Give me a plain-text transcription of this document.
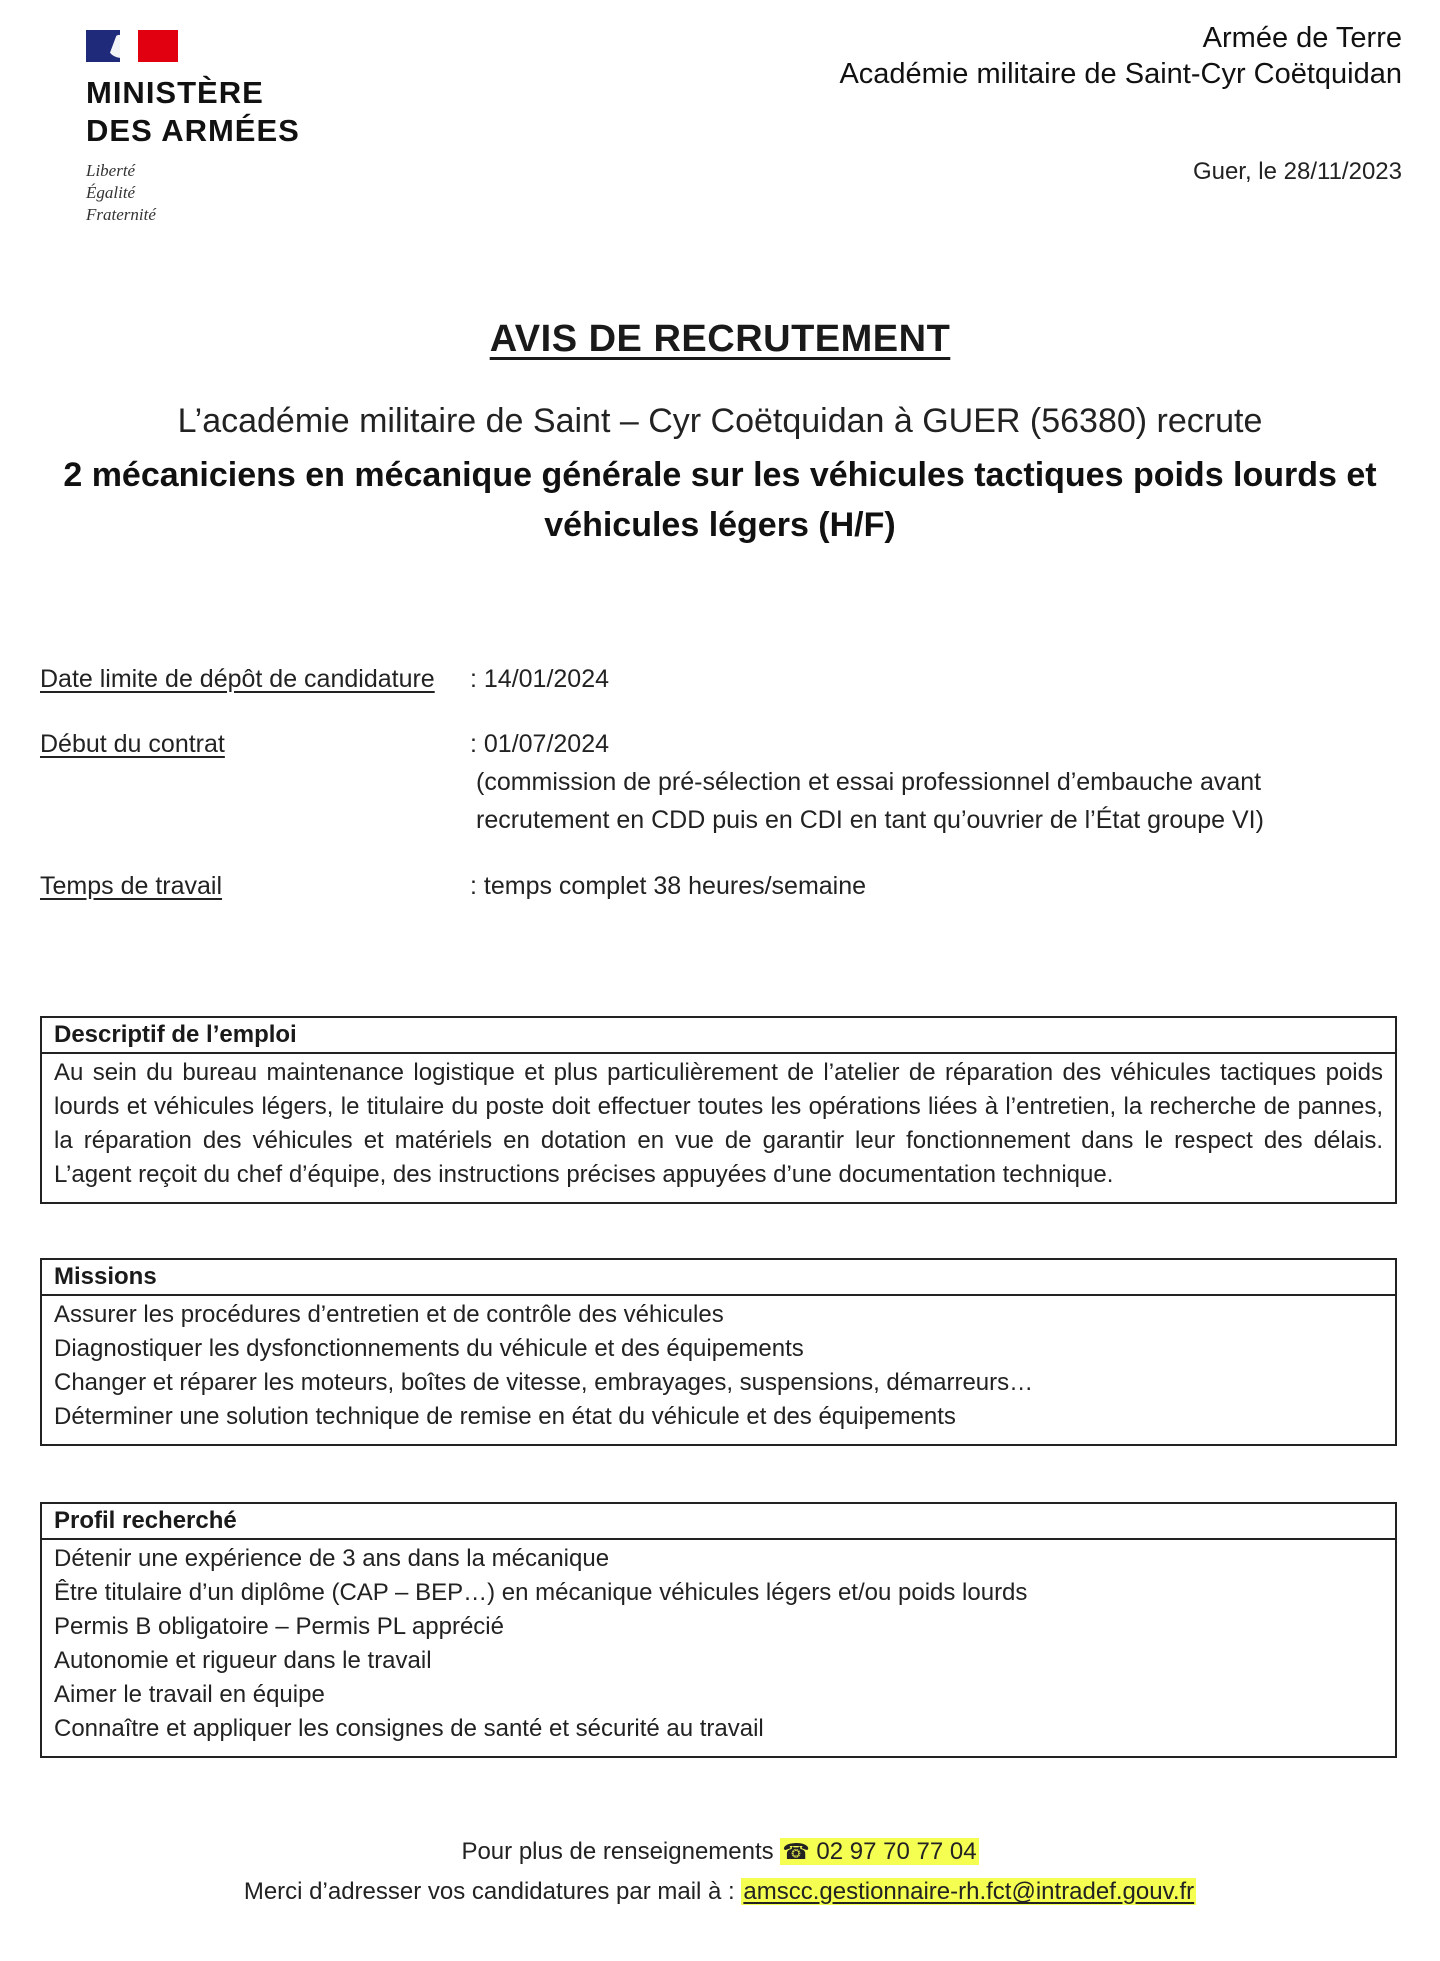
MINISTÈRE
DES ARMÉES
Liberté
Égalité
Fraternité
Armée de Terre
Académie militaire de Saint-Cyr Coëtquidan
Guer, le 28/11/2023
AVIS DE RECRUTEMENT
L’académie militaire de Saint – Cyr Coëtquidan à GUER (56380) recrute
2 mécaniciens en mécanique générale sur les véhicules tactiques poids lourds et véhicules légers (H/F)
Date limite de dépôt de candidature : 14/01/2024
Début du contrat	: 01/07/2024
(commission de pré-sélection et essai professionnel d’embauche avant
recrutement en CDD puis en CDI en tant qu’ouvrier de l’État groupe VI)
Temps de travail	: temps complet 38 heures/semaine
Descriptif de l’emploi
Au sein du bureau maintenance logistique et plus particulièrement de l’atelier de réparation des véhicules tactiques poids lourds et véhicules légers, le titulaire du poste doit effectuer toutes les opérations liées à l’entretien, la recherche de pannes, la réparation des véhicules et matériels en dotation en vue de garantir leur fonctionnement dans le respect des délais. L’agent reçoit du chef d’équipe, des instructions précises appuyées d’une documentation technique.
Missions
Assurer les procédures d’entretien et de contrôle des véhicules
Diagnostiquer les dysfonctionnements du véhicule et des équipements
Changer et réparer les moteurs, boîtes de vitesse, embrayages, suspensions, démarreurs…
Déterminer une solution technique de remise en état du véhicule et des équipements
Profil recherché
Détenir une expérience de 3 ans dans la mécanique
Être titulaire d’un diplôme (CAP – BEP…) en mécanique véhicules légers et/ou poids lourds
Permis B obligatoire – Permis PL apprécié
Autonomie et rigueur dans le travail
Aimer le travail en équipe
Connaître et appliquer les consignes de santé et sécurité au travail
Pour plus de renseignements ☎ 02 97 70 77 04
Merci d’adresser vos candidatures par mail à : amscc.gestionnaire-rh.fct@intradef.gouv.fr
